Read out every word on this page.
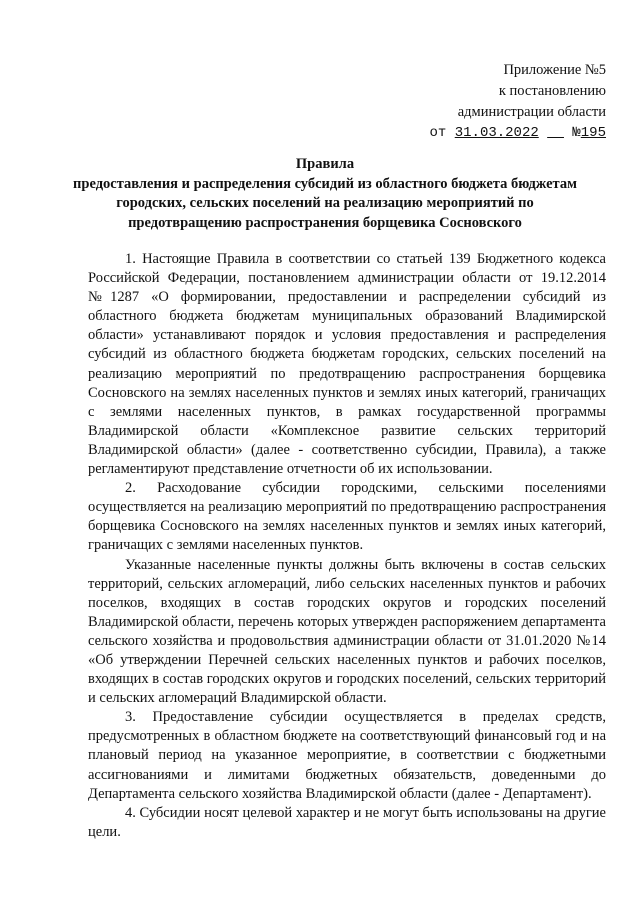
Приложение №5
к постановлению
администрации области
от 31.03.2022 №195
Правила
предоставления и распределения субсидий из областного бюджета бюджетам городских, сельских поселений на реализацию мероприятий по предотвращению распространения борщевика Сосновского

1. Настоящие Правила в соответствии со статьей 139 Бюджетного кодекса Российской Федерации, постановлением администрации области от 19.12.2014 №1287 «О формировании, предоставлении и распределении субсидий из областного бюджета бюджетам муниципальных образований Владимирской области» устанавливают порядок и условия предоставления и распределения субсидий из областного бюджета бюджетам городских, сельских поселений на реализацию мероприятий по предотвращению распространения борщевика Сосновского на землях населенных пунктов и землях иных категорий, граничащих с землями населенных пунктов, в рамках государственной программы Владимирской области «Комплексное развитие сельских территорий Владимирской области» (далее - соответственно субсидии, Правила), а также регламентируют представление отчетности об их использовании.

2. Расходование субсидии городскими, сельскими поселениями осуществляется на реализацию мероприятий по предотвращению распространения борщевика Сосновского на землях населенных пунктов и землях иных категорий, граничащих с землями населенных пунктов.

Указанные населенные пункты должны быть включены в состав сельских территорий, сельских агломераций, либо сельских населенных пунктов и рабочих поселков, входящих в состав городских округов и городских поселений Владимирской области, перечень которых утвержден распоряжением департамента сельского хозяйства и продовольствия администрации области от 31.01.2020 №14 «Об утверждении Перечней сельских населенных пунктов и рабочих поселков, входящих в состав городских округов и городских поселений, сельских территорий и сельских агломераций Владимирской области.

3. Предоставление субсидии осуществляется в пределах средств, предусмотренных в областном бюджете на соответствующий финансовый год и на плановый период на указанное мероприятие, в соответствии с бюджетными ассигнованиями и лимитами бюджетных обязательств, доведенными до Департамента сельского хозяйства Владимирской области (далее - Департамент).

4. Субсидии носят целевой характер и не могут быть использованы на другие цели.
